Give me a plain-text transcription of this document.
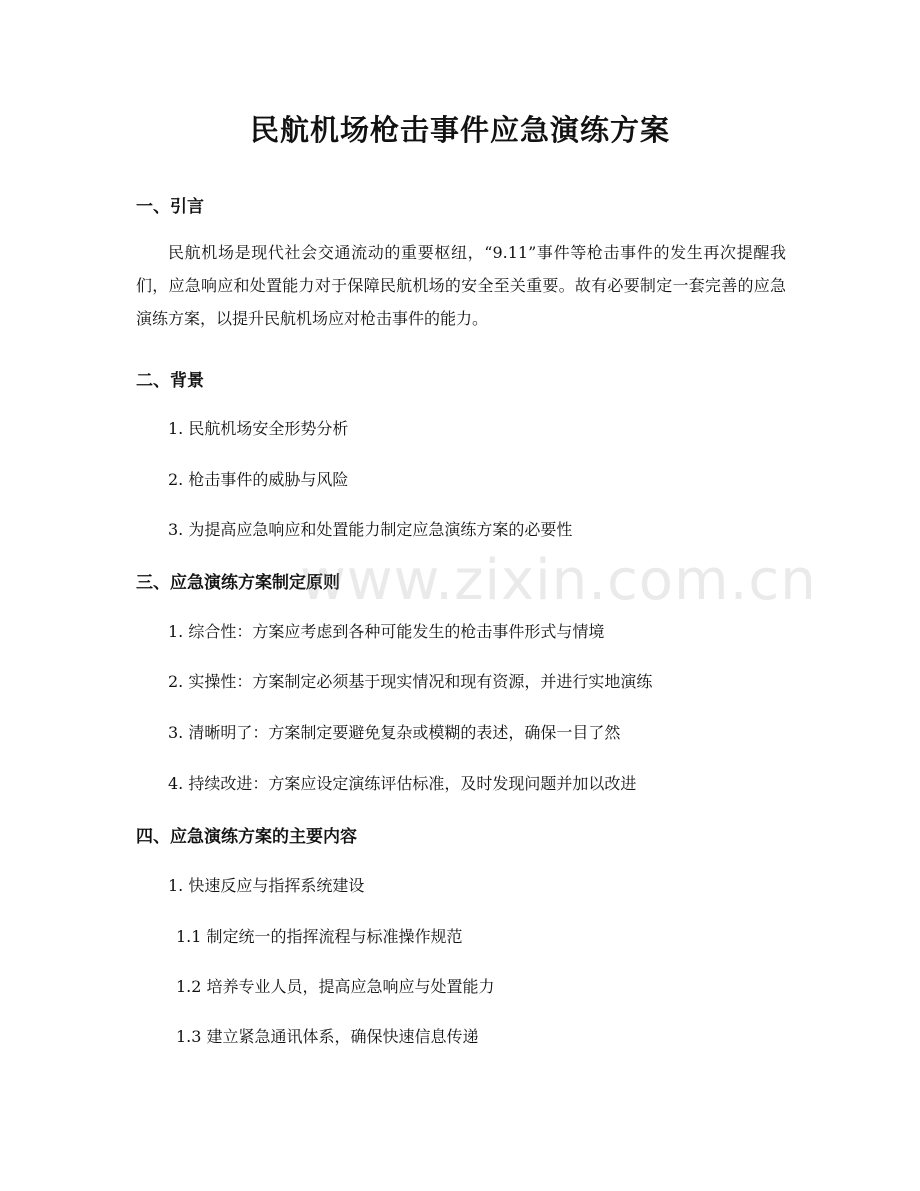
民航机场枪击事件应急演练方案
一、引言

民航机场是现代社会交通流动的重要枢纽，“9.11”事件等枪击事件的发生再次提醒我们，应急响应和处置能力对于保障民航机场的安全至关重要。故有必要制定一套完善的应急演练方案，以提升民航机场应对枪击事件的能力。

二、背景

1. 民航机场安全形势分析

2. 枪击事件的威胁与风险

3. 为提高应急响应和处置能力制定应急演练方案的必要性

三、应急演练方案制定原则

1. 综合性：方案应考虑到各种可能发生的枪击事件形式与情境

2. 实操性：方案制定必须基于现实情况和现有资源，并进行实地演练

3. 清晰明了：方案制定要避免复杂或模糊的表述，确保一目了然

4. 持续改进：方案应设定演练评估标准，及时发现问题并加以改进

四、应急演练方案的主要内容

1. 快速反应与指挥系统建设

1.1 制定统一的指挥流程与标准操作规范

1.2 培养专业人员，提高应急响应与处置能力

1.3 建立紧急通讯体系，确保快速信息传递

www.zixin.com.cn
